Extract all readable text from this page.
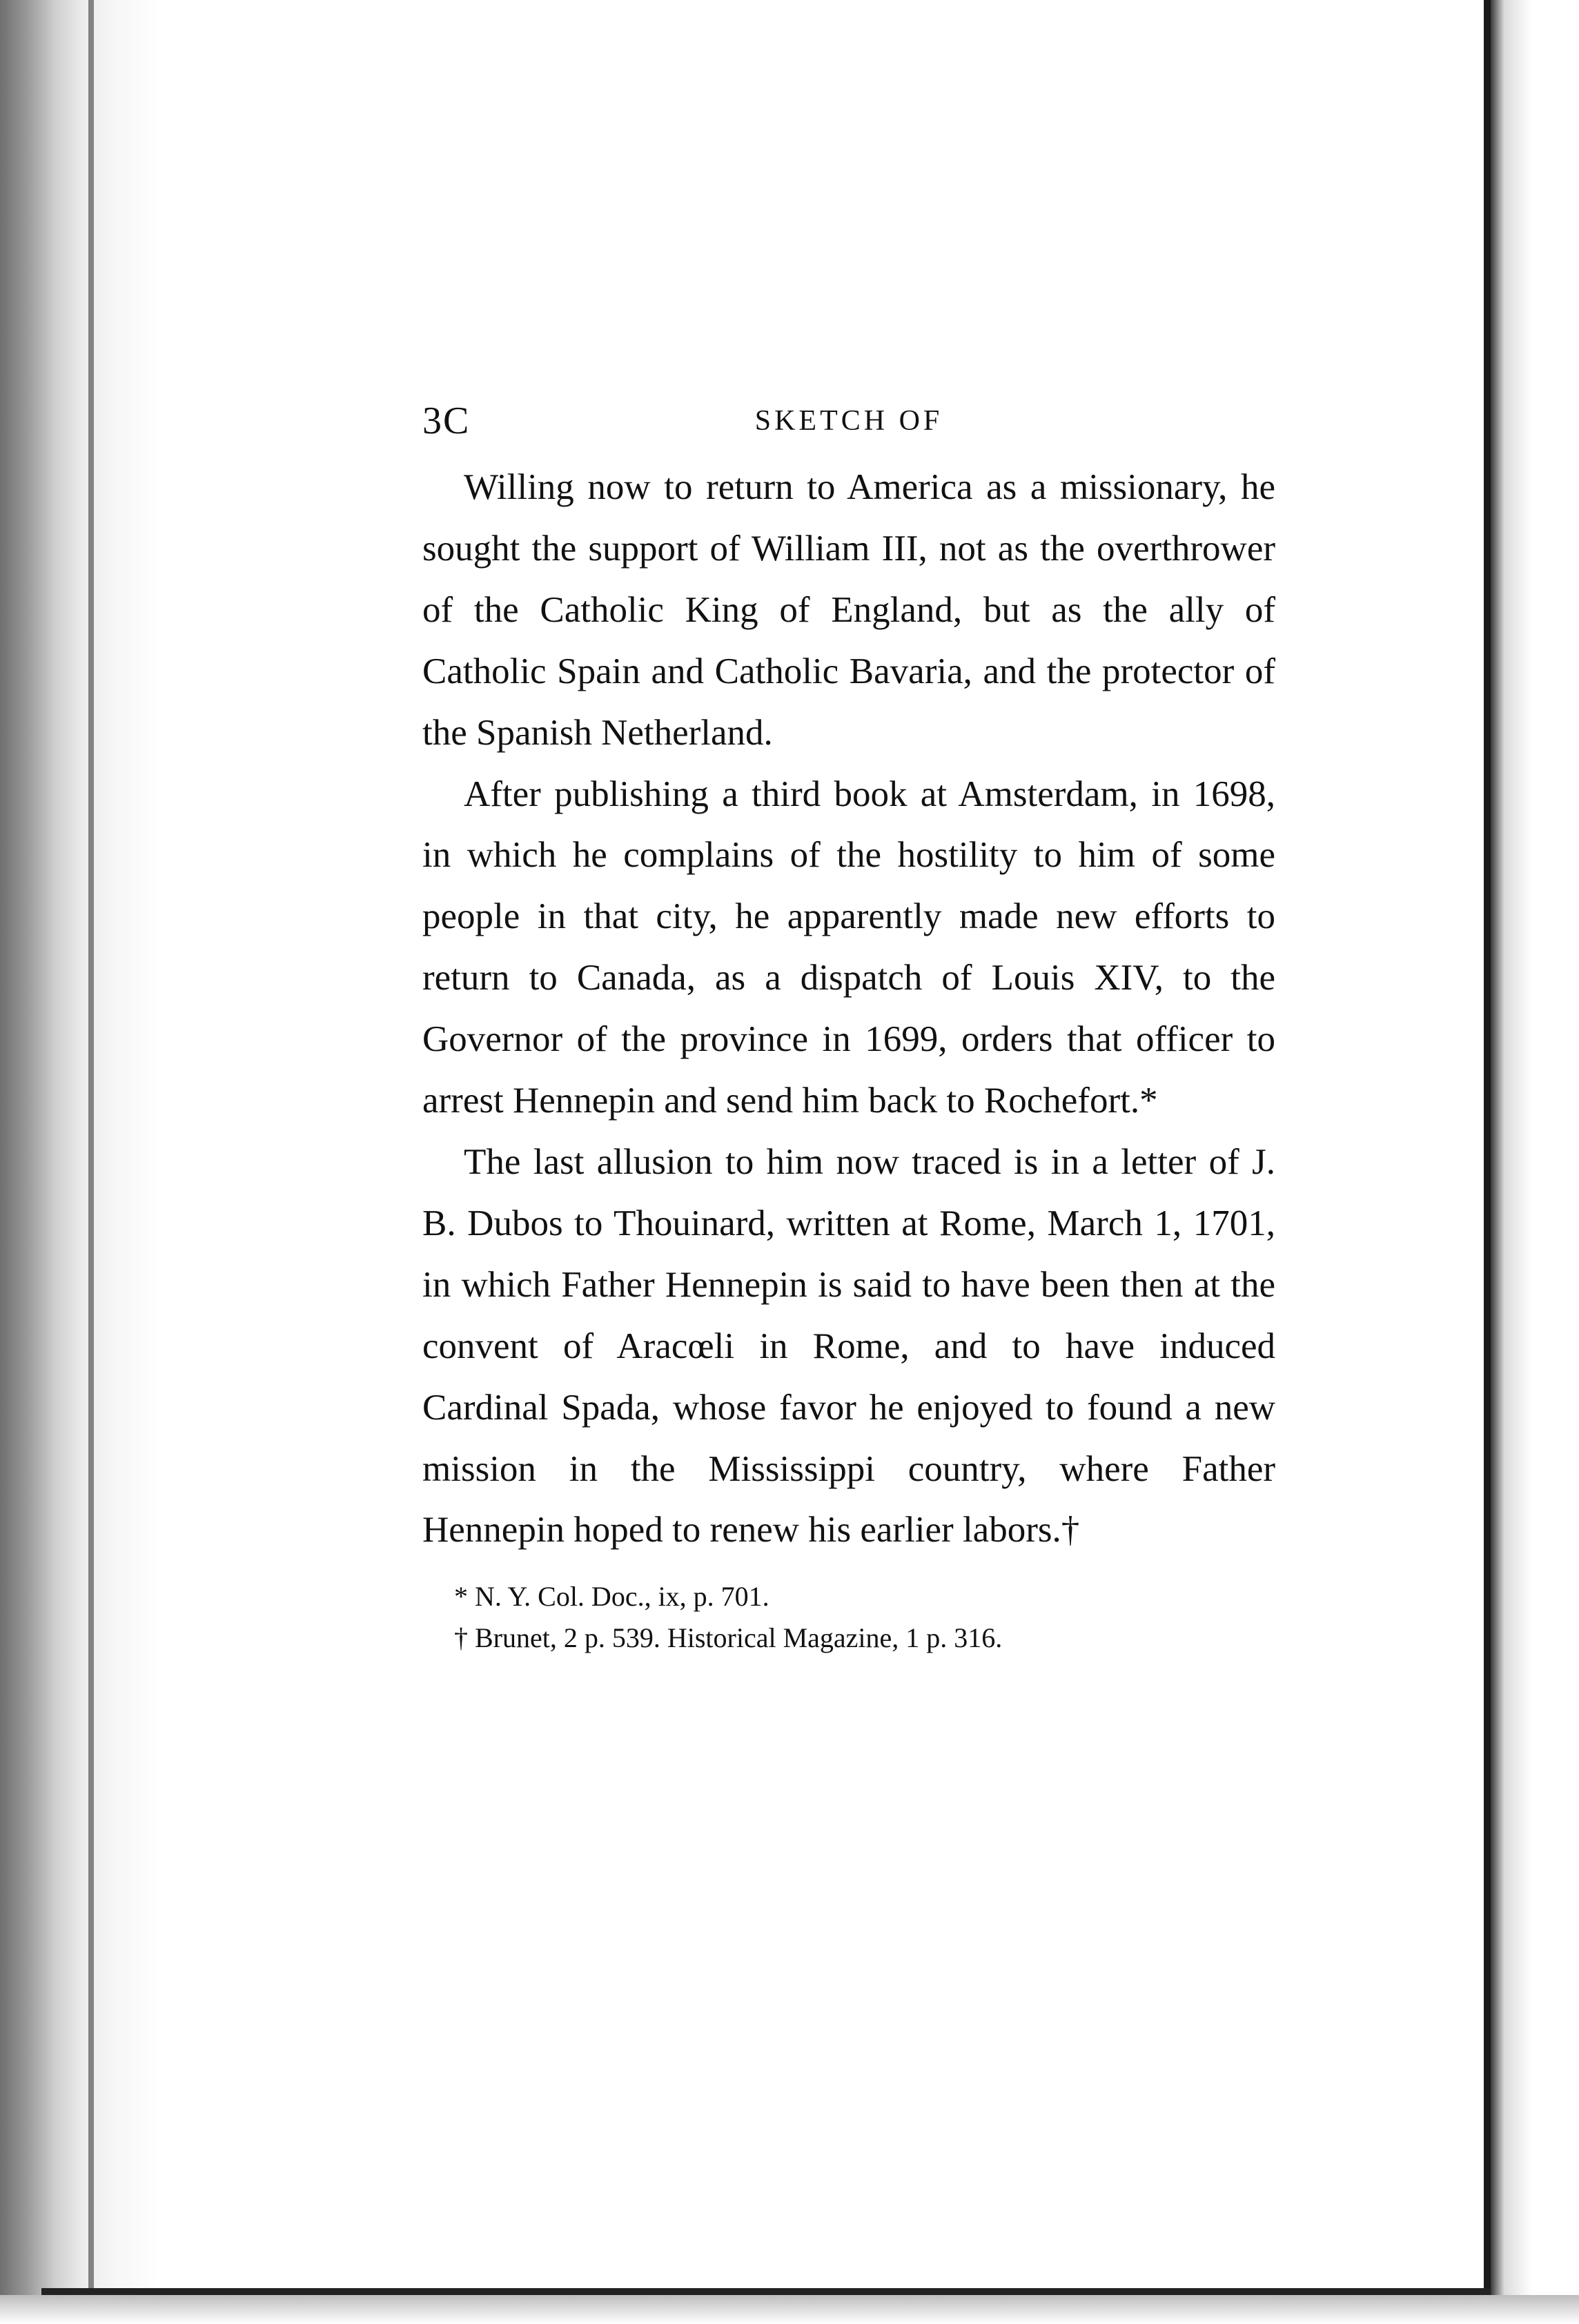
3C	SKETCH OF

Willing now to return to America as a missionary, he sought the support of William III, not as the overthrower of the Catholic King of England, but as the ally of Catholic Spain and Catholic Bavaria, and the protector of the Spanish Netherland.

After publishing a third book at Amsterdam, in 1698, in which he complains of the hostility to him of some people in that city, he apparently made new efforts to return to Canada, as a dispatch of Louis XIV, to the Governor of the province in 1699, orders that officer to arrest Hennepin and send him back to Rochefort.*

The last allusion to him now traced is in a letter of J. B. Dubos to Thouinard, written at Rome, March 1, 1701, in which Father Hennepin is said to have been then at the convent of Aracœli in Rome, and to have induced Cardinal Spada, whose favor he enjoyed to found a new mission in the Mississippi country, where Father Hennepin hoped to renew his earlier labors.†

* N. Y. Col. Doc., ix, p. 701.
† Brunet, 2 p. 539. Historical Magazine, 1 p. 316.
